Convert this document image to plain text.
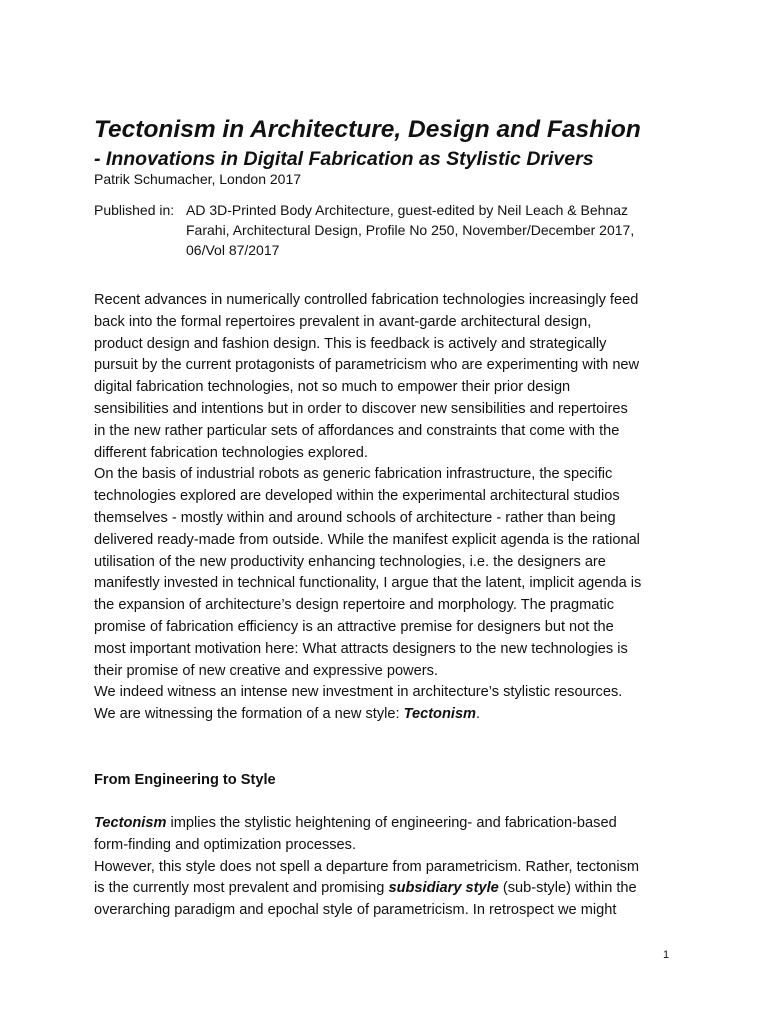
Tectonism in Architecture, Design and Fashion
- Innovations in Digital Fabrication as Stylistic Drivers
Patrik Schumacher, London 2017
Published in: AD 3D-Printed Body Architecture, guest-edited by Neil Leach & Behnaz
Farahi, Architectural Design, Profile No 250, November/December 2017,
06/Vol 87/2017
Recent advances in numerically controlled fabrication technologies increasingly feed
back into the formal repertoires prevalent in avant-garde architectural design,
product design and fashion design. This is feedback is actively and strategically
pursuit by the current protagonists of parametricism who are experimenting with new
digital fabrication technologies, not so much to empower their prior design
sensibilities and intentions but in order to discover new sensibilities and repertoires
in the new rather particular sets of affordances and constraints that come with the
different fabrication technologies explored.
On the basis of industrial robots as generic fabrication infrastructure, the specific
technologies explored are developed within the experimental architectural studios
themselves - mostly within and around schools of architecture - rather than being
delivered ready-made from outside. While the manifest explicit agenda is the rational
utilisation of the new productivity enhancing technologies, i.e. the designers are
manifestly invested in technical functionality, I argue that the latent, implicit agenda is
the expansion of architecture’s design repertoire and morphology. The pragmatic
promise of fabrication efficiency is an attractive premise for designers but not the
most important motivation here: What attracts designers to the new technologies is
their promise of new creative and expressive powers.
We indeed witness an intense new investment in architecture’s stylistic resources.
We are witnessing the formation of a new style: Tectonism.
From Engineering to Style
Tectonism implies the stylistic heightening of engineering- and fabrication-based
form-finding and optimization processes.
However, this style does not spell a departure from parametricism. Rather, tectonism
is the currently most prevalent and promising subsidiary style (sub-style) within the
overarching paradigm and epochal style of parametricism. In retrospect we might
1
